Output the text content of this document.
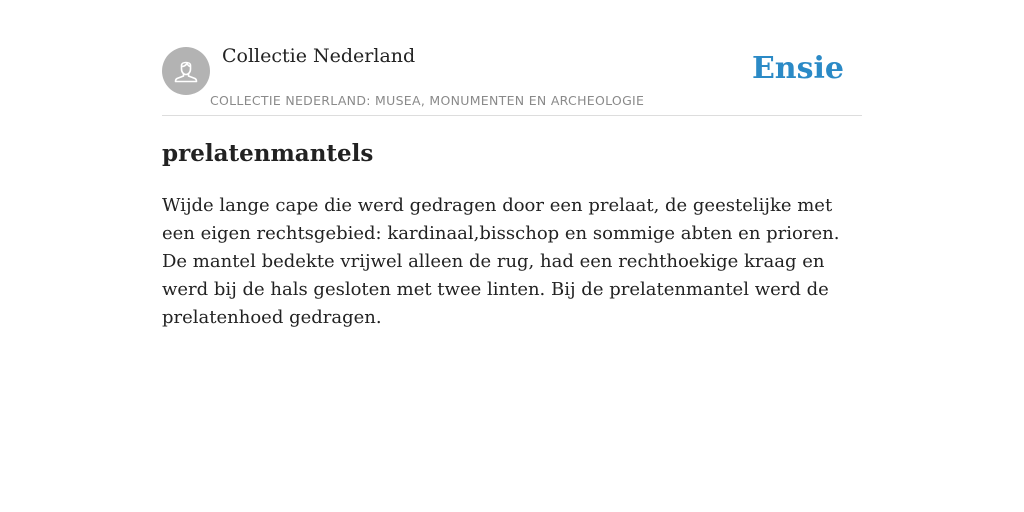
Collectie Nederland
COLLECTIE NEDERLAND: MUSEA, MONUMENTEN EN ARCHEOLOGIE
Ensie
prelatenmantels

Wijde lange cape die werd gedragen door een prelaat, de geestelijke met een eigen rechtsgebied: kardinaal,bisschop en sommige abten en prioren. De mantel bedekte vrijwel alleen de rug, had een rechthoekige kraag en werd bij de hals gesloten met twee linten. Bij de prelatenmantel werd de prelatenhoed gedragen.
